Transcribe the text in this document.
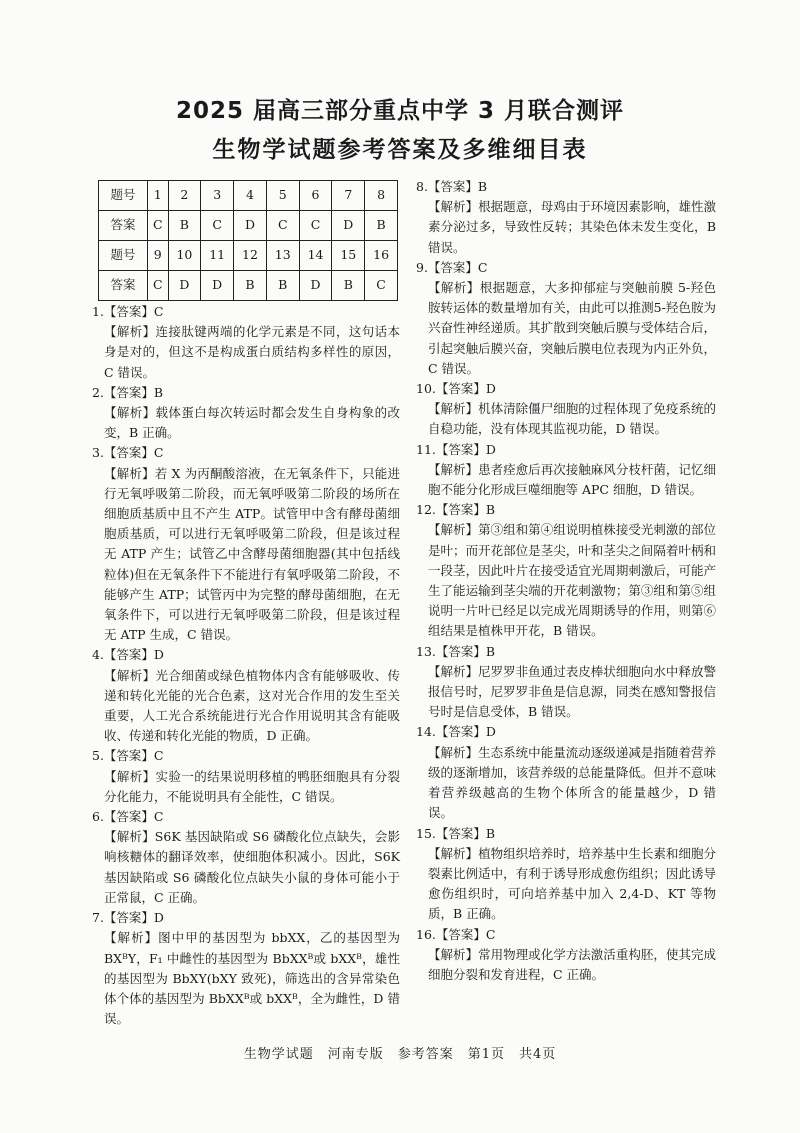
2025 届高三部分重点中学 3 月联合测评
生物学试题参考答案及多维细目表
题号	1	2	3	4	5	6	7	8
答案	C	B	C	D	C	C	D	B
题号	9	10	11	12	13	14	15	16
答案	C	D	D	B	B	D	B	C
1.【答案】C
【解析】连接肽键两端的化学元素是不同，这句话本身是对的，但这不是构成蛋白质结构多样性的原因，C 错误。
2.【答案】B
【解析】载体蛋白每次转运时都会发生自身构象的改变，B 正确。
3.【答案】C
【解析】若 X 为丙酮酸溶液，在无氧条件下，只能进行无氧呼吸第二阶段，而无氧呼吸第二阶段的场所在细胞质基质中且不产生 ATP。试管甲中含有酵母菌细胞质基质，可以进行无氧呼吸第二阶段，但是该过程无 ATP 产生；试管乙中含酵母菌细胞器(其中包括线粒体)但在无氧条件下不能进行有氧呼吸第二阶段，不能够产生 ATP；试管丙中为完整的酵母菌细胞，在无氧条件下，可以进行无氧呼吸第二阶段，但是该过程无 ATP 生成，C 错误。
4.【答案】D
【解析】光合细菌或绿色植物体内含有能够吸收、传递和转化光能的光合色素，这对光合作用的发生至关重要，人工光合系统能进行光合作用说明其含有能吸收、传递和转化光能的物质，D 正确。
5.【答案】C
【解析】实验一的结果说明移植的鸭胚细胞具有分裂分化能力，不能说明具有全能性，C 错误。
6.【答案】C
【解析】S6K 基因缺陷或 S6 磷酸化位点缺失，会影响核糖体的翻译效率，使细胞体积减小。因此，S6K 基因缺陷或 S6 磷酸化位点缺失小鼠的身体可能小于正常鼠，C 正确。
7.【答案】D
【解析】图中甲的基因型为 bbXX，乙的基因型为 BXᴮY，F₁ 中雌性的基因型为 BbXXᴮ或 bXXᴮ，雄性的基因型为 BbXY(bXY 致死)，筛选出的含异常染色体个体的基因型为 BbXXᴮ或 bXXᴮ，全为雌性，D 错误。
8.【答案】B
【解析】根据题意，母鸡由于环境因素影响，雄性激素分泌过多，导致性反转；其染色体未发生变化，B 错误。
9.【答案】C
【解析】根据题意，大多抑郁症与突触前膜 5-羟色胺转运体的数量增加有关，由此可以推测5-羟色胺为兴奋性神经递质。其扩散到突触后膜与受体结合后，引起突触后膜兴奋，突触后膜电位表现为内正外负，C 错误。
10.【答案】D
【解析】机体清除僵尸细胞的过程体现了免疫系统的自稳功能，没有体现其监视功能，D 错误。
11.【答案】D
【解析】患者痊愈后再次接触麻风分枝杆菌，记忆细胞不能分化形成巨噬细胞等 APC 细胞，D 错误。
12.【答案】B
【解析】第③组和第④组说明植株接受光刺激的部位是叶；而开花部位是茎尖，叶和茎尖之间隔着叶柄和一段茎，因此叶片在接受适宜光周期刺激后，可能产生了能运输到茎尖端的开花刺激物；第③组和第⑤组说明一片叶已经足以完成光周期诱导的作用，则第⑥组结果是植株甲开花，B 错误。
13.【答案】B
【解析】尼罗罗非鱼通过表皮棒状细胞向水中释放警报信号时，尼罗罗非鱼是信息源，同类在感知警报信号时是信息受体，B 错误。
14.【答案】D
【解析】生态系统中能量流动逐级递减是指随着营养级的逐渐增加，该营养级的总能量降低。但并不意味着营养级越高的生物个体所含的能量越少，D 错误。
15.【答案】B
【解析】植物组织培养时，培养基中生长素和细胞分裂素比例适中，有利于诱导形成愈伤组织；因此诱导愈伤组织时，可向培养基中加入 2,4-D、KT 等物质，B 正确。
16.【答案】C
【解析】常用物理或化学方法激活重构胚，使其完成细胞分裂和发育进程，C 正确。
生物学试题　河南专版　参考答案　第1页　共4页
